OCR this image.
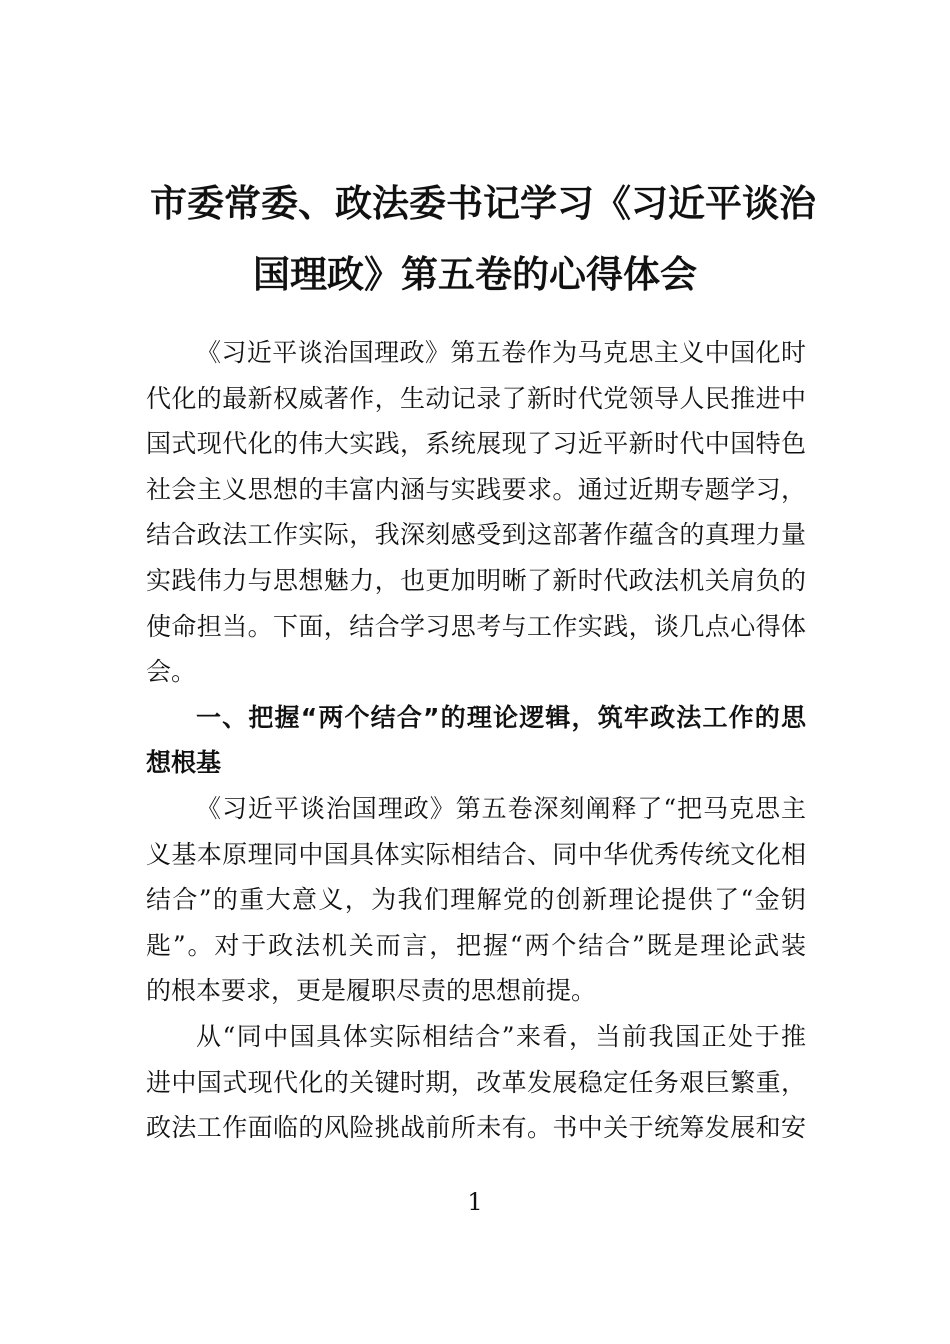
市委常委、政法委书记学习《习近平谈治
国理政》第五卷的心得体会
《习近平谈治国理政》第五卷作为马克思主义中国化时
代化的最新权威著作，生动记录了新时代党领导人民推进中
国式现代化的伟大实践，系统展现了习近平新时代中国特色
社会主义思想的丰富内涵与实践要求。通过近期专题学习，
结合政法工作实际，我深刻感受到这部著作蕴含的真理力量
实践伟力与思想魅力，也更加明晰了新时代政法机关肩负的
使命担当。下面，结合学习思考与工作实践，谈几点心得体
会。
一、把握“两个结合”的理论逻辑，筑牢政法工作的思
想根基
《习近平谈治国理政》第五卷深刻阐释了“把马克思主
义基本原理同中国具体实际相结合、同中华优秀传统文化相
结合”的重大意义，为我们理解党的创新理论提供了“金钥
匙”。对于政法机关而言，把握“两个结合”既是理论武装
的根本要求，更是履职尽责的思想前提。
从“同中国具体实际相结合”来看，当前我国正处于推
进中国式现代化的关键时期，改革发展稳定任务艰巨繁重，
政法工作面临的风险挑战前所未有。书中关于统筹发展和安
1
